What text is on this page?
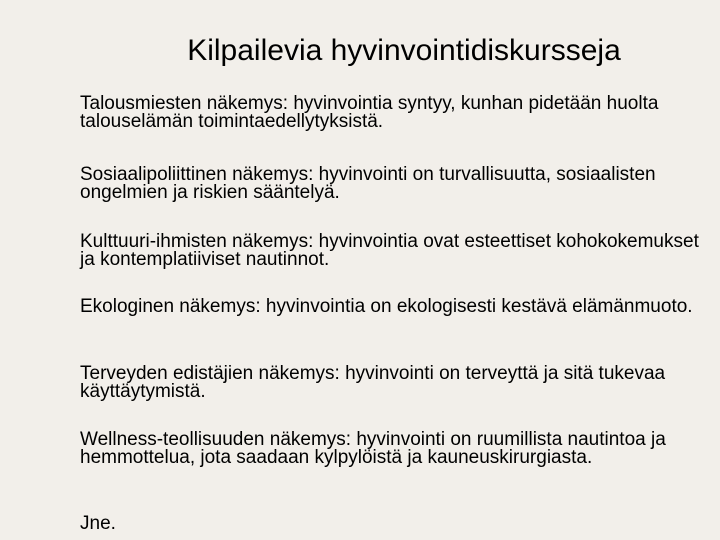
Kilpailevia hyvinvointidiskursseja
Talousmiesten näkemys: hyvinvointia syntyy, kunhan pidetään huolta talouselämän toimintaedellytyksistä.
Sosiaalipoliittinen näkemys: hyvinvointi on turvallisuutta, sosiaalisten ongelmien ja riskien sääntelyä.
Kulttuuri-ihmisten näkemys: hyvinvointia ovat esteettiset kohokokemukset ja kontemplatiiviset nautinnot.
Ekologinen näkemys: hyvinvointia on ekologisesti kestävä elämänmuoto.
Terveyden edistäjien näkemys: hyvinvointi on terveyttä ja sitä tukevaa käyttäytymistä.
Wellness-teollisuuden näkemys: hyvinvointi on ruumillista nautintoa ja hemmottelua, jota saadaan kylpylöistä ja kauneuskirurgiasta.
Jne.
